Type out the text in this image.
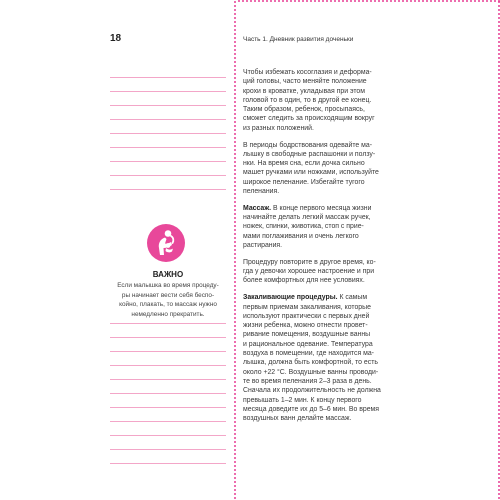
18	Часть 1. Дневник развития доченьки
ВАЖНО
Если малышка во время процеду-
ры начинает вести себя беспо-
койно, плакать, то массаж нужно
немедленно прекратить.
Чтобы избежать косоглазия и деформа-
ций головы, часто меняйте положение
крохи в кроватке, укладывая при этом
головой то в один, то в другой ее конец.
Таким образом, ребенок, просыпаясь,
сможет следить за происходящим вокруг
из разных положений.
В периоды бодрствования одевайте ма-
лышку в свободные распашонки и ползу-
нки. На время сна, если дочка сильно
машет ручками или ножками, используйте
широкое пеленание. Избегайте тугого
пеленания.
Массаж. В конце первого месяца жизни
начинайте делать легкий массаж ручек,
ножек, спинки, животика, стоп с прие-
мами поглаживания и очень легкого
растирания.
Процедуру повторите в другое время, ко-
гда у девочки хорошее настроение и при
более комфортных для нее условиях.
Закаливающие процедуры. К самым
первым приемам закаливания, которые
используют практически с первых дней
жизни ребенка, можно отнести провет-
ривание помещения, воздушные ванны
и рациональное одевание. Температура
воздуха в помещении, где находится ма-
лышка, должна быть комфортной, то есть
около +22 °C. Воздушные ванны проводи-
те во время пеленания 2–3 раза в день.
Сначала их продолжительность не должна
превышать 1–2 мин. К концу первого
месяца доведите их до 5–6 мин. Во время
воздушных ванн делайте массаж.
